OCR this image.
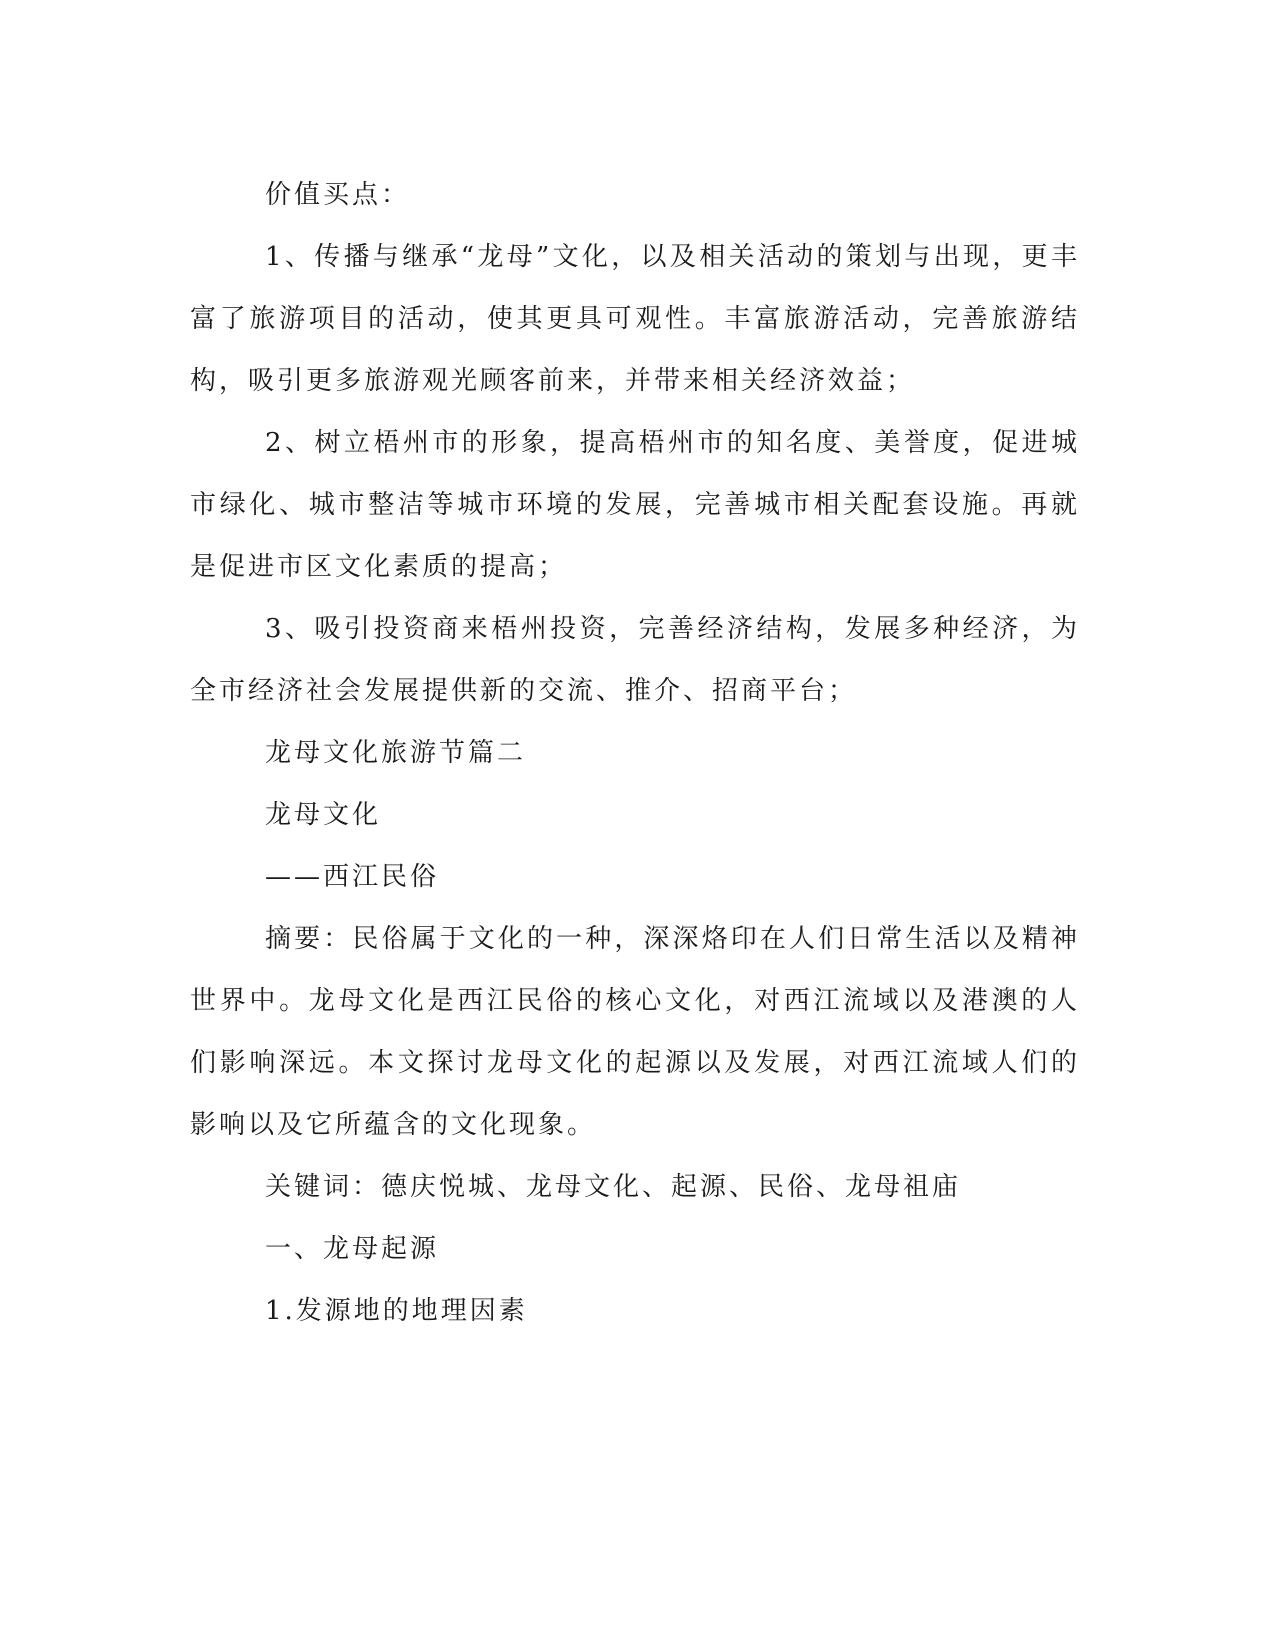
价值买点：

1、传播与继承“龙母”文化，以及相关活动的策划与出现，更丰富了旅游项目的活动，使其更具可观性。丰富旅游活动，完善旅游结构，吸引更多旅游观光顾客前来，并带来相关经济效益；

2、树立梧州市的形象，提高梧州市的知名度、美誉度，促进城市绿化、城市整洁等城市环境的发展，完善城市相关配套设施。再就是促进市区文化素质的提高；

3、吸引投资商来梧州投资，完善经济结构，发展多种经济，为全市经济社会发展提供新的交流、推介、招商平台；

龙母文化旅游节篇二

龙母文化

——西江民俗

摘要：民俗属于文化的一种，深深烙印在人们日常生活以及精神世界中。龙母文化是西江民俗的核心文化，对西江流域以及港澳的人们影响深远。本文探讨龙母文化的起源以及发展，对西江流域人们的影响以及它所蕴含的文化现象。

关键词：德庆悦城、龙母文化、起源、民俗、龙母祖庙

一、龙母起源

1.发源地的地理因素
